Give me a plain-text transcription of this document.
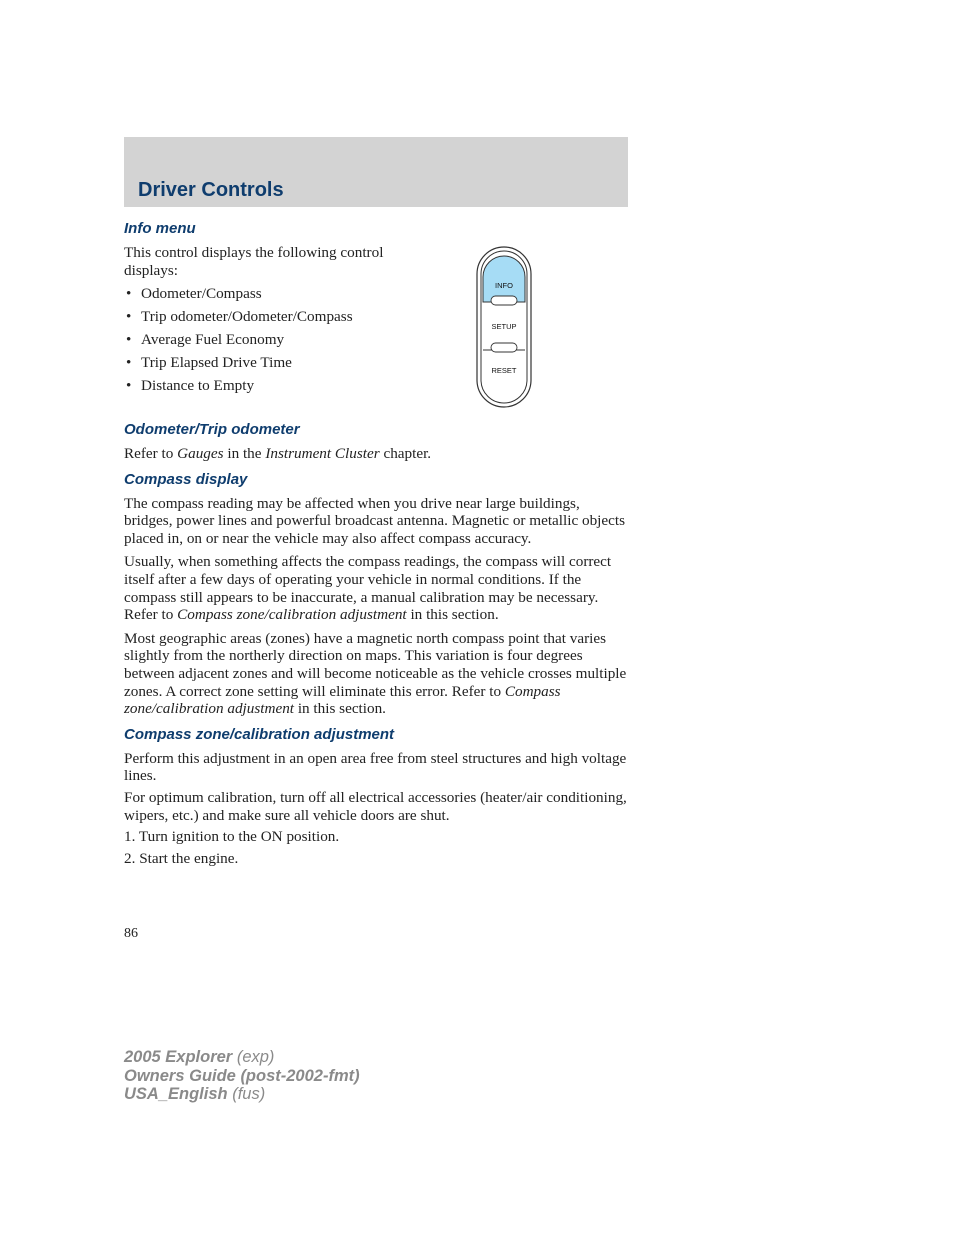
Driver Controls
Info menu

This control displays the following control displays:

• Odometer/Compass
• Trip odometer/Odometer/Compass
• Average Fuel Economy
• Trip Elapsed Drive Time
• Distance to Empty
INFO
SETUP
RESET
Odometer/Trip odometer

Refer to Gauges in the Instrument Cluster chapter.

Compass display

The compass reading may be affected when you drive near large buildings, bridges, power lines and powerful broadcast antenna. Magnetic or metallic objects placed in, on or near the vehicle may also affect compass accuracy.

Usually, when something affects the compass readings, the compass will correct itself after a few days of operating your vehicle in normal conditions. If the compass still appears to be inaccurate, a manual calibration may be necessary. Refer to Compass zone/calibration adjustment in this section.

Most geographic areas (zones) have a magnetic north compass point that varies slightly from the northerly direction on maps. This variation is four degrees between adjacent zones and will become noticeable as the vehicle crosses multiple zones. A correct zone setting will eliminate this error. Refer to Compass zone/calibration adjustment in this section.

Compass zone/calibration adjustment

Perform this adjustment in an open area free from steel structures and high voltage lines.

For optimum calibration, turn off all electrical accessories (heater/air conditioning, wipers, etc.) and make sure all vehicle doors are shut.

1. Turn ignition to the ON position.

2. Start the engine.

86
2005 Explorer (exp)
Owners Guide (post-2002-fmt)
USA_English (fus)
